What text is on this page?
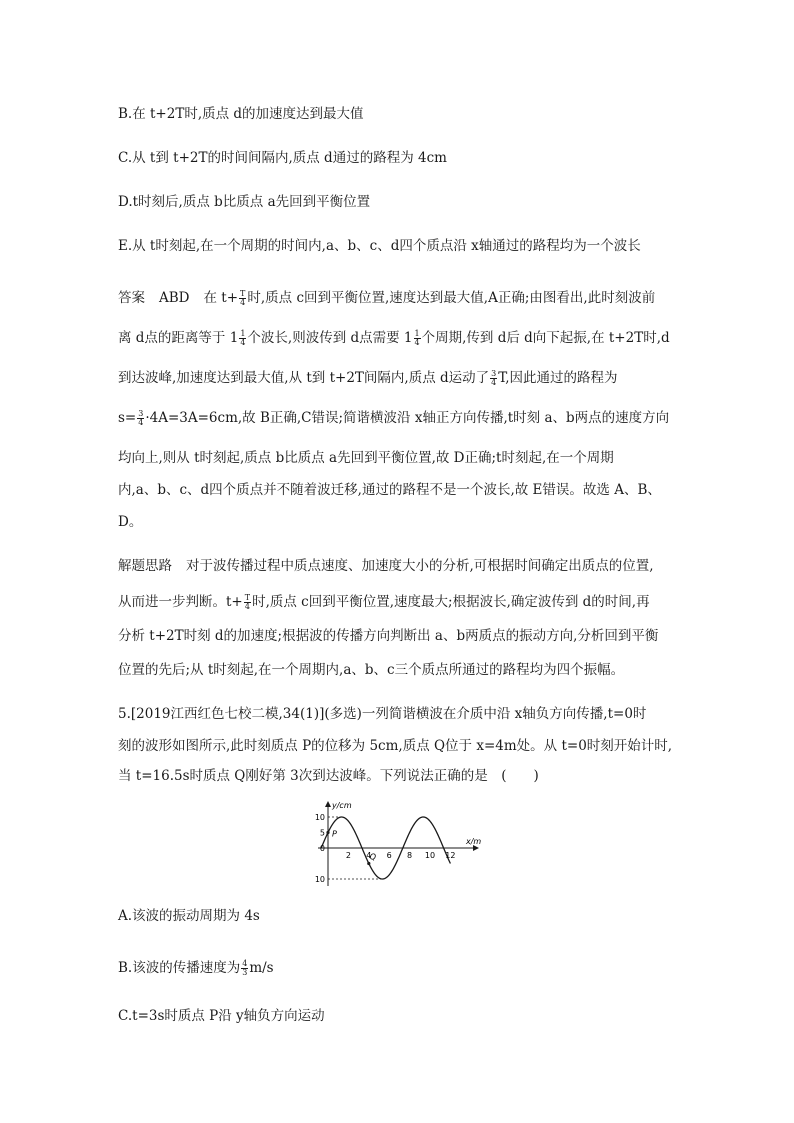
B.在 t+2T时,质点 d的加速度达到最大值
C.从 t到 t+2T的时间间隔内,质点 d通过的路程为 4cm
D.t时刻后,质点 b比质点 a先回到平衡位置
E.从 t时刻起,在一个周期的时间内,a、b、c、d四个质点沿 x轴通过的路程均为一个波长
答案 ABD 在 $t+ \frac{T}{4}$ 时,质点 c回到平衡位置,速度达到最大值,A正确;由图看出,此时刻波前
离 d点的距离等于 $1 \frac{1}{4}$ 个波长,则波传到 d点需要 $1 \frac{1}{4}$ 个周期,传到 d后 d向下起振,在 t+2T时,d
到达波峰,加速度达到最大值,从 t到 t+2T间隔内,质点 d运动了 $\frac{3}{4} T$,因此通过的路程为
$s= \frac{3}{4} \cdot 4A=3A=6cm$,故 B正确,C错误;简谐横波沿 x轴正方向传播,t时刻 a、b两点的速度方向
均向上,则从 t时刻起,质点 b比质点 a先回到平衡位置,故 D正确;t时刻起,在一个周期
内,a、b、c、d四个质点并不随着波迁移,通过的路程不是一个波长,故 E错误。故选 A、B、
D。
解题思路 对于波传播过程中质点速度、加速度大小的分析,可根据时间确定出质点的位置,
从而进一步判断。$t+ \frac{T}{4}$ 时,质点 c回到平衡位置,速度最大;根据波长,确定波传到 d的时间,再
分析 t+2T时刻 d的加速度;根据波的传播方向判断出 a、b两质点的振动方向,分析回到平衡
位置的先后;从 t时刻起,在一个周期内,a、b、c三个质点所通过的路程均为四个振幅。
5.[2019江西红色七校二模,34(1)](多选)一列简谐横波在介质中沿 x轴负方向传播,t=0时
刻的波形如图所示,此时刻质点 P的位移为 5cm,质点 Q位于 x=4m处。从 t=0时刻开始计时,
当 t=16.5s时质点 Q刚好第 3次到达波峰。下列说法正确的是　(　　)
y/cm
x/m
P
Q
10
5
0
10
2 4 6 8 10 12
A.该波的振动周期为 4s
B.该波的传播速度为 $\frac{4}{3} m/s$
C.t=3s时质点 P沿 y轴负方向运动
